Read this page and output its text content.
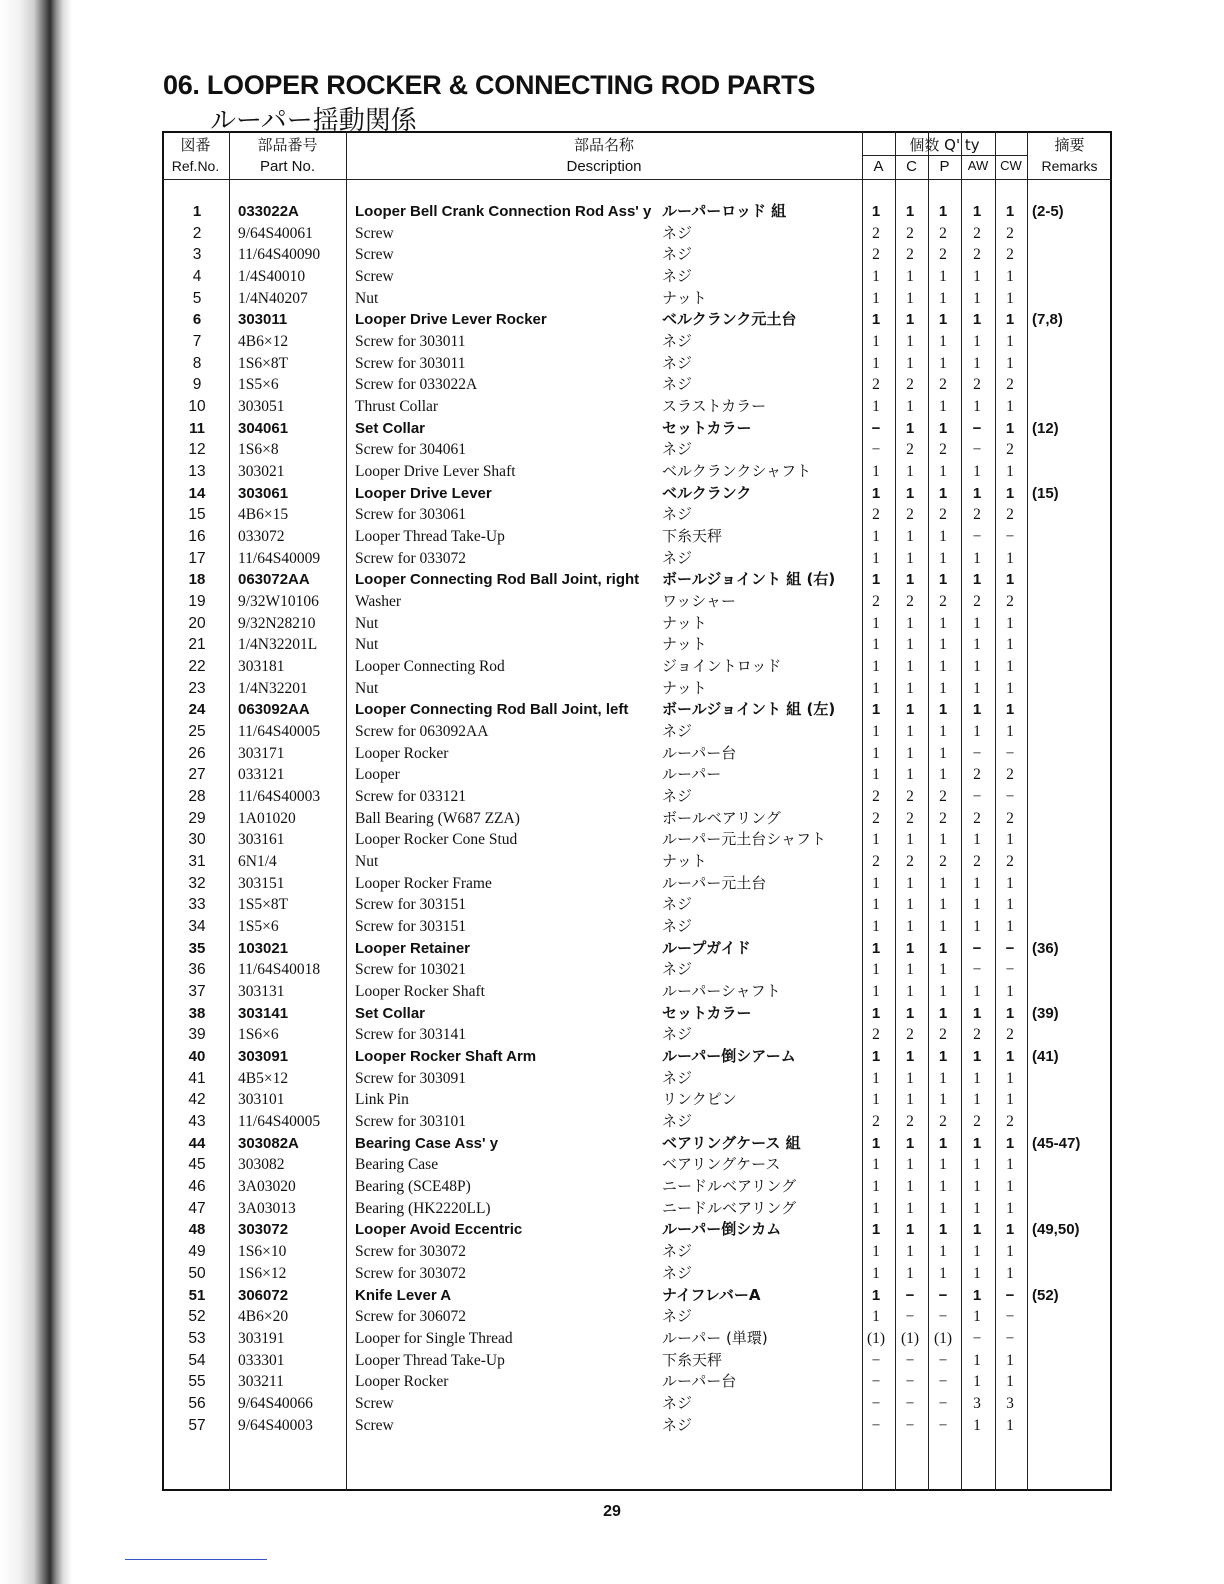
06. LOOPER ROCKER & CONNECTING ROD PARTS
ルーパー揺動関係
図番
Ref.No.
部品番号
Part No.
部品名称
Description
個数 Q' ty
A	C	P	AW CW
摘要
Remarks
1	033022A	Looper Bell Crank Connection Rod Ass' y ルーパーロッド 組	1	1	1	1	1	(2-5)
2	9/64S40061	Screw	ネジ	2	2	2	2	2
3	11/64S40090 Screw	ネジ	2	2	2	2	2
4	1/4S40010	Screw	ネジ	1	1	1	1	1
5	1/4N40207	Nut	ナット	1	1	1	1	1
6	303011	Looper Drive Lever Rocker	ベルクランク元土台	1	1	1	1	1	(7,8)
7	4B6×12	Screw for 303011	ネジ	1	1	1	1	1
8	1S6×8T	Screw for 303011	ネジ	1	1	1	1	1
9	1S5×6	Screw for 033022A	ネジ	2	2	2	2	2
10	303051	Thrust Collar	スラストカラー	1	1	1	1	1
11	304061	Set Collar	セットカラー	−	1	1	−	1	(12)
12	1S6×8	Screw for 304061	ネジ	−	2	2	−	2
13	303021	Looper Drive Lever Shaft	ベルクランクシャフト	1	1	1	1	1
14	303061	Looper Drive Lever	ベルクランク	1	1	1	1	1	(15)
15	4B6×15	Screw for 303061	ネジ	2	2	2	2	2
16	033072	Looper Thread Take-Up	下糸天秤	1	1	1	−	−
17	11/64S40009 Screw for 033072	ネジ	1	1	1	1	1
18	063072AA	Looper Connecting Rod Ball Joint, right ボールジョイント 組 (右)	1	1	1	1	1
19	9/32W10106 Washer	ワッシャー	2	2	2	2	2
20	9/32N28210	Nut	ナット	1	1	1	1	1
21	1/4N32201L Nut	ナット	1	1	1	1	1
22	303181	Looper Connecting Rod	ジョイントロッド	1	1	1	1	1
23	1/4N32201	Nut	ナット	1	1	1	1	1
24	063092AA	Looper Connecting Rod Ball Joint, left ボールジョイント 組 (左)	1	1	1	1	1
25	11/64S40005 Screw for 063092AA	ネジ	1	1	1	1	1
26	303171	Looper Rocker	ルーパー台	1	1	1	−	−
27	033121	Looper	ルーパー	1	1	1	2	2
28	11/64S40003 Screw for 033121	ネジ	2	2	2	−	−
29	1A01020	Ball Bearing (W687 ZZA)	ボールベアリング	2	2	2	2	2
30	303161	Looper Rocker Cone Stud	ルーパー元土台シャフト	1	1	1	1	1
31	6N1/4	Nut	ナット	2	2	2	2	2
32	303151	Looper Rocker Frame	ルーパー元土台	1	1	1	1	1
33	1S5×8T	Screw for 303151	ネジ	1	1	1	1	1
34	1S5×6	Screw for 303151	ネジ	1	1	1	1	1
35	103021	Looper Retainer	ループガイド	1	1	1	−	−	(36)
36	11/64S40018 Screw for 103021	ネジ	1	1	1	−	−
37	303131	Looper Rocker Shaft	ルーパーシャフト	1	1	1	1	1
38	303141	Set Collar	セットカラー	1	1	1	1	1	(39)
39	1S6×6	Screw for 303141	ネジ	2	2	2	2	2
40	303091	Looper Rocker Shaft Arm	ルーパー倒シアーム	1	1	1	1	1	(41)
41	4B5×12	Screw for 303091	ネジ	1	1	1	1	1
42	303101	Link Pin	リンクピン	1	1	1	1	1
43	11/64S40005 Screw for 303101	ネジ	2	2	2	2	2
44	303082A	Bearing Case Ass' y	ベアリングケース 組	1	1	1	1	1	(45-47)
45	303082	Bearing Case	ベアリングケース	1	1	1	1	1
46	3A03020	Bearing (SCE48P)	ニードルベアリング	1	1	1	1	1
47	3A03013	Bearing (HK2220LL)	ニードルベアリング	1	1	1	1	1
48	303072	Looper Avoid Eccentric	ルーパー倒シカム	1	1	1	1	1	(49,50)
49	1S6×10	Screw for 303072	ネジ	1	1	1	1	1
50	1S6×12	Screw for 303072	ネジ	1	1	1	1	1
51	306072	Knife Lever A	ナイフレバーA	1	−	−	1	−	(52)
52	4B6×20	Screw for 306072	ネジ	1	−	−	1	−
53	303191	Looper for Single Thread	ルーパー (単環)	(1)	(1) (1)	−	−
54	033301	Looper Thread Take-Up	下糸天秤	−	−	−	1	1
55	303211	Looper Rocker	ルーパー台	−	−	−	1	1
56	9/64S40066	Screw	ネジ	−	−	−	3	3
57	9/64S40003	Screw	ネジ	−	−	−	1	1
29
